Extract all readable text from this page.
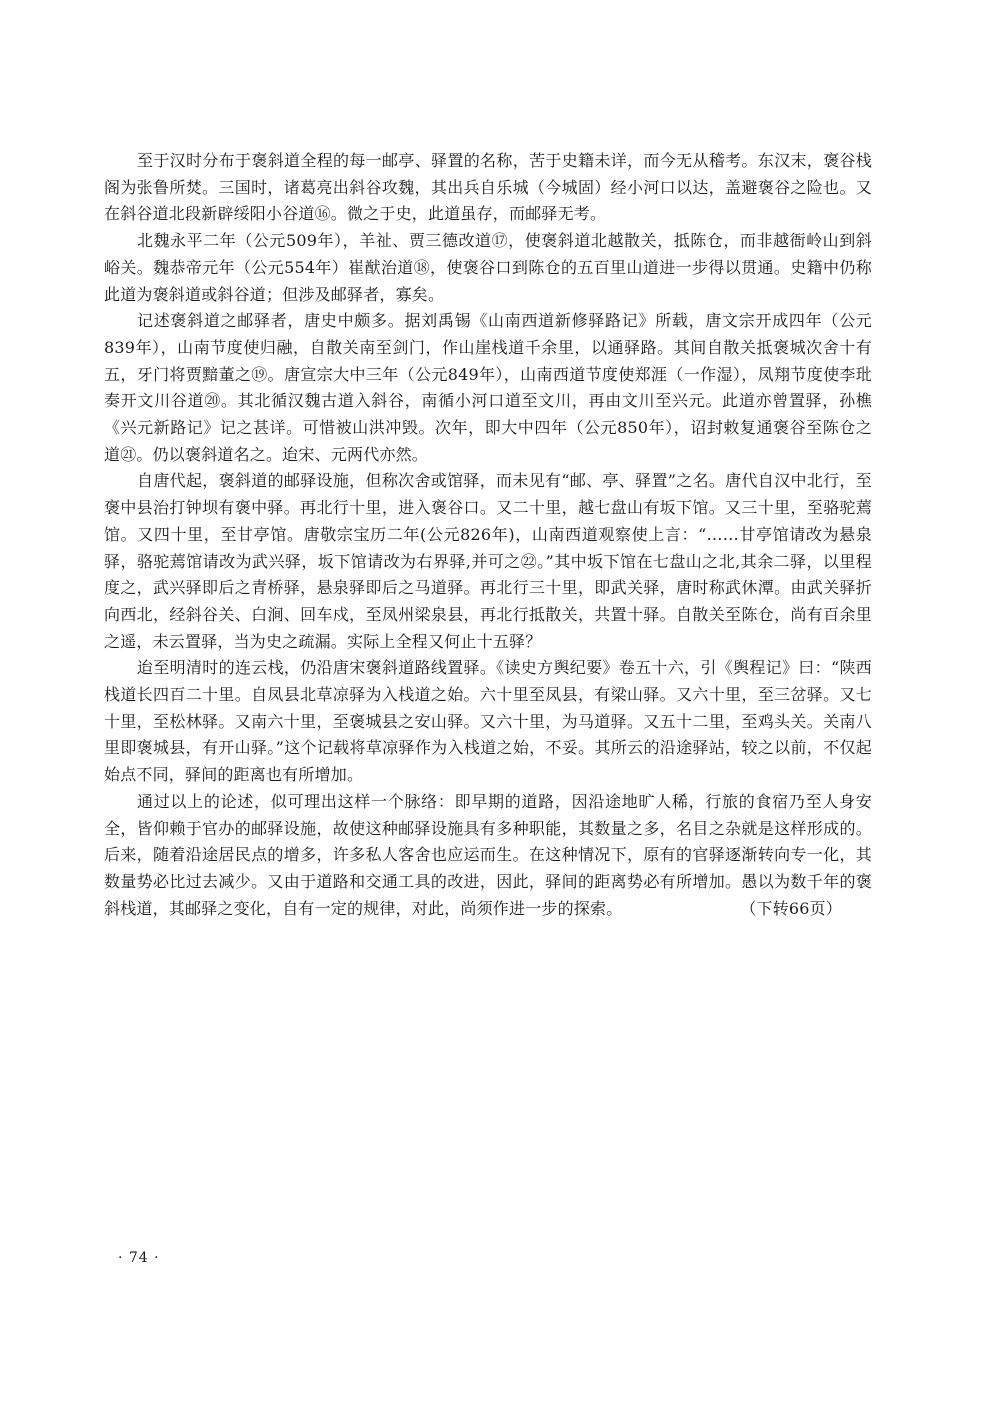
至于汉时分布于褒斜道全程的每一邮亭、驿置的名称，苦于史籍未详，而今无从稽考。东汉末，褒谷栈阁为张鲁所焚。三国时，诸葛亮出斜谷攻魏，其出兵自乐城（今城固）经小河口以达，盖避褒谷之险也。又在斜谷道北段新辟绥阳小谷道⑯。微之于史，此道虽存，而邮驿无考。

北魏永平二年（公元509年），羊祉、贾三德改道⑰，使褒斜道北越散关，抵陈仓，而非越衙岭山到斜峪关。魏恭帝元年（公元554年）崔猷治道⑱，使褒谷口到陈仓的五百里山道进一步得以贯通。史籍中仍称此道为褒斜道或斜谷道；但涉及邮驿者，寡矣。

记述褒斜道之邮驿者，唐史中颇多。据刘禹锡《山南西道新修驿路记》所载，唐文宗开成四年（公元839年），山南节度使归融，自散关南至剑门，作山崖栈道千余里，以通驿路。其间自散关抵褒城次舍十有五，牙门将贾黯董之⑲。唐宣宗大中三年（公元849年），山南西道节度使郑涯（一作湿），凤翔节度使李玭奏开文川谷道⑳。其北循汉魏古道入斜谷，南循小河口道至文川，再由文川至兴元。此道亦曾置驿，孙樵《兴元新路记》记之甚详。可惜被山洪冲毁。次年，即大中四年（公元850年），诏封敕复通褒谷至陈仓之道㉑。仍以褒斜道名之。迨宋、元两代亦然。

自唐代起，褒斜道的邮驿设施，但称次舍或馆驿，而未见有“邮、亭、驿置”之名。唐代自汉中北行，至褒中县治打钟坝有褒中驿。再北行十里，进入褒谷口。又二十里，越七盘山有坂下馆。又三十里，至骆驼蔫馆。又四十里，至甘亭馆。唐敬宗宝历二年(公元826年)，山南西道观察使上言：“……甘亭馆请改为悬泉驿，骆驼蔫馆请改为武兴驿，坂下馆请改为右界驿,并可之㉒。”其中坂下馆在七盘山之北,其余二驿，以里程度之，武兴驿即后之青桥驿，悬泉驿即后之马道驿。再北行三十里，即武关驿，唐时称武休潭。由武关驿折向西北，经斜谷关、白涧、回车戍，至凤州梁泉县，再北行抵散关，共置十驿。自散关至陈仓，尚有百余里之遥，未云置驿，当为史之疏漏。实际上全程又何止十五驿？

迨至明清时的连云栈，仍沿唐宋褒斜道路线置驿。《读史方舆纪要》卷五十六，引《舆程记》曰：“陕西栈道长四百二十里。自凤县北草凉驿为入栈道之始。六十里至凤县，有梁山驿。又六十里，至三岔驿。又七十里，至松林驿。又南六十里，至褒城县之安山驿。又六十里，为马道驿。又五十二里，至鸡头关。关南八里即褒城县，有开山驿。”这个记载将草凉驿作为入栈道之始，不妥。其所云的沿途驿站，较之以前，不仅起始点不同，驿间的距离也有所增加。

通过以上的论述，似可理出这样一个脉络：即早期的道路，因沿途地旷人稀，行旅的食宿乃至人身安全，皆仰赖于官办的邮驿设施，故使这种邮驿设施具有多种职能，其数量之多，名目之杂就是这样形成的。后来，随着沿途居民点的增多，许多私人客舍也应运而生。在这种情况下，原有的官驿逐渐转向专一化，其数量势必比过去减少。又由于道路和交通工具的改进，因此，驿间的距离势必有所增加。愚以为数千年的褒斜栈道，其邮驿之变化，自有一定的规律，对此，尚须作进一步的探索。	（下转66页）

· 74 ·
